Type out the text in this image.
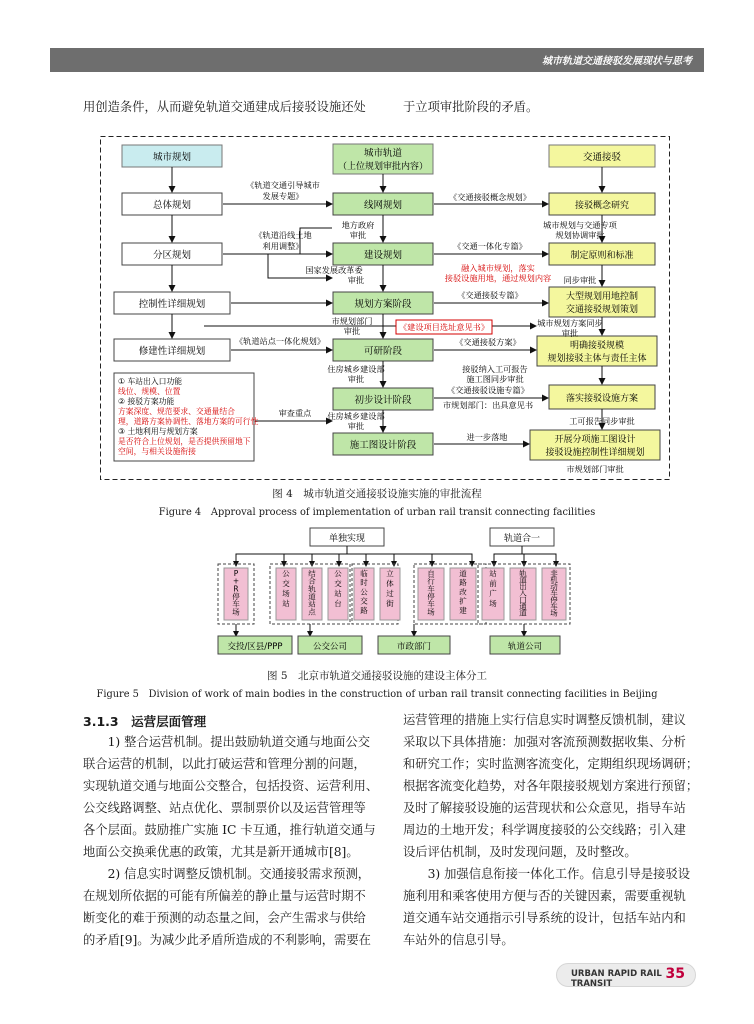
城市轨道交通接驳发展现状与思考
用创造条件，从而避免轨道交通建成后接驳设施还处	于立项审批阶段的矛盾。
城市规划	城市轨道
（上位规划审批内容）
交通接驳
总体规划
分区规划
控制性详细规划
修建性详细规划
线网规划
建设规划
规划方案阶段
可研阶段
初步设计阶段
施工图设计阶段
接驳概念研究
制定原则和标准
大型规划用地控制
交通接驳规划策划
明确接驳规模
规划接驳主体与责任主体
落实接驳设施方案
开展分项施工图设计
接驳设施控制性详细规划
《轨道交通引导城市
发展专题》
《轨道沿线土地
利用调整》
《交通接驳概念规划》
《交通一体化专篇》
《交通接驳专篇》
《轨道站点一体化规划》	《交通接驳方案》
《交通接驳设施专篇》
地方政府
审批
国家发展改革委
审批
市规划部门
审批
住房城乡建设部
审批
住房城乡建设部
审批
市规划部门：出具意见书
进一步落地
审查重点
城市规划与交通专项
规划协调审批
融入城市规划，落实
接驳设施用地，通过规划内容 同步审批
城市规划方案同步
审批
接驳纳入工可报告
施工图同步审批
工可报告同步审批
市规划部门审批
《建设项目选址意见书》
① 车站出入口功能
线位、规模、位置
② 接驳方案功能
方案深度、规范要求、交通量结合
理，道路方案协调性、落地方案的可行性
③ 土地利用与规划方案
是否符合上位规划，是否提供预留地下
空间，与相关设施衔接
图 4　城市轨道交通接驳设施实施的审批流程
Figure 4　Approval process of implementation of urban rail transit connecting facilities
单独实现	轨道合一
P + R 停车场
公交场站
结合轨道站点
公交站台
临时公交路
立体过街
自行车停车场
道路改扩建
站前广场
轨道出入口通道
非机动车停车场
交投/区县/PPP	公交公司	市政部门	轨道公司
图 5　北京市轨道交通接驳设施的建设主体分工
Figure 5　Division of work of main bodies in the construction of urban rail transit connecting facilities in Beijing
3.1.3　运营层面管理
　　1) 整合运营机制。提出鼓励轨道交通与地面公交
联合运营的机制，以此打破运营和管理分割的问题，
实现轨道交通与地面公交整合，包括投资、运营利用、
公交线路调整、站点优化、票制票价以及运营管理等
各个层面。鼓励推广实施 IC 卡互通，推行轨道交通与
地面公交换乘优惠的政策，尤其是新开通城市[8]。
　　2) 信息实时调整反馈机制。交通接驳需求预测，
在规划所依据的可能有所偏差的静止量与运营时期不
断变化的难于预测的动态量之间，会产生需求与供给
的矛盾[9]。为减少此矛盾所造成的不利影响，需要在
运营管理的措施上实行信息实时调整反馈机制，建议
采取以下具体措施：加强对客流预测数据收集、分析
和研究工作；实时监测客流变化，定期组织现场调研；
根据客流变化趋势，对各年限接驳规划方案进行预留；
及时了解接驳设施的运营现状和公众意见，指导车站
周边的土地开发；科学调度接驳的公交线路；引入建
设后评估机制，及时发现问题，及时整改。
　　3) 加强信息衔接一体化工作。信息引导是接驳设
施利用和乘客使用方便与否的关键因素，需要重视轨
道交通车站交通指示引导系统的设计，包括车站内和
车站外的信息引导。
URBAN RAPID RAIL TRANSIT
35
